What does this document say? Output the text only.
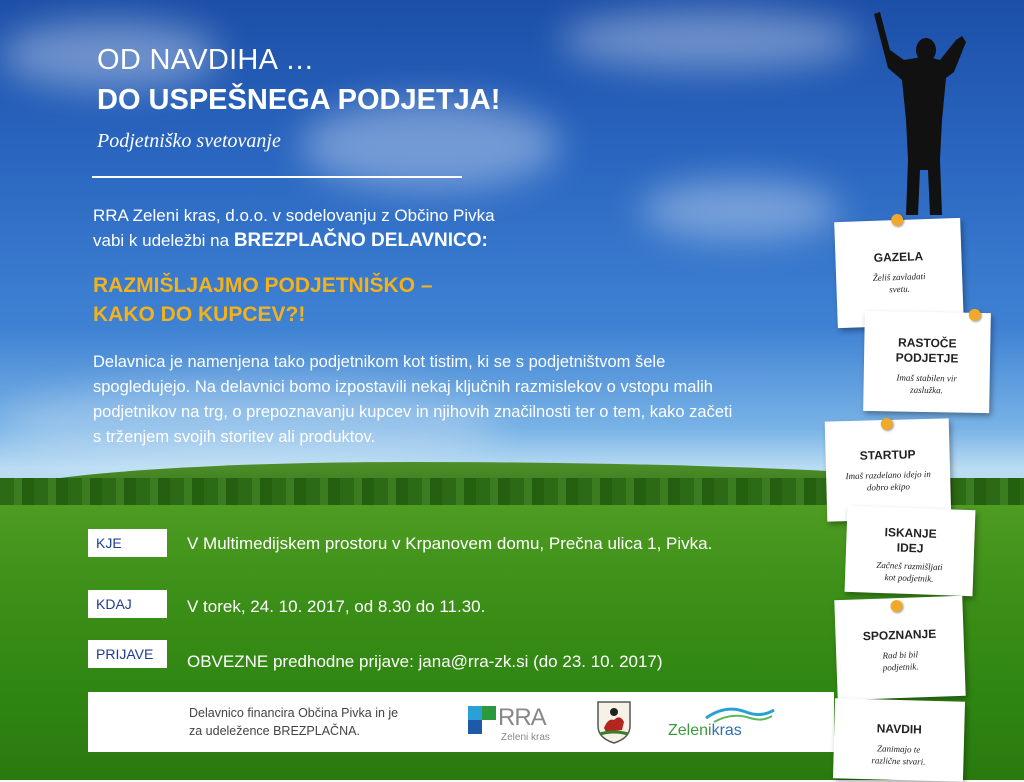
OD NAVDIHA …
DO USPEŠNEGA PODJETJA!
Podjetniško svetovanje
RRA Zeleni kras, d.o.o. v sodelovanju z Občino Pivka
vabi k udeležbi na BREZPLAČNO DELAVNICO:
RAZMIŠLJAJMO PODJETNIŠKO –
KAKO DO KUPCEV?!
Delavnica je namenjena tako podjetnikom kot tistim, ki se s podjetništvom šele spogledujejo. Na delavnici bomo izpostavili nekaj ključnih razmislekov o vstopu malih podjetnikov na trg, o prepoznavanju kupcev in njihovih značilnosti ter o tem, kako začeti s trženjem svojih storitev ali produktov.
KJE	V Multimedijskem prostoru v Krpanovem domu, Prečna ulica 1, Pivka.
KDAJ	V torek, 24. 10. 2017, od 8.30 do 11.30.
PRIJAVE	OBVEZNE predhodne prijave: jana@rra-zk.si (do 23. 10. 2017)
Delavnico financira Občina Pivka in je
za udeležence BREZPLAČNA.	RRA
Zeleni kras	Zelenikras
GAZELA
Želiš zavladati svetu.
RASTOČE PODJETJE
Imaš stabilen vir zaslužka.
STARTUP
Imaš razdelano idejo in dobro ekipo
ISKANJE IDEJ
Začneš razmišljati kot podjetnik.
SPOZNANJE
Rad bi bil podjetnik.
NAVDIH
Zanimajo te različne stvari.
